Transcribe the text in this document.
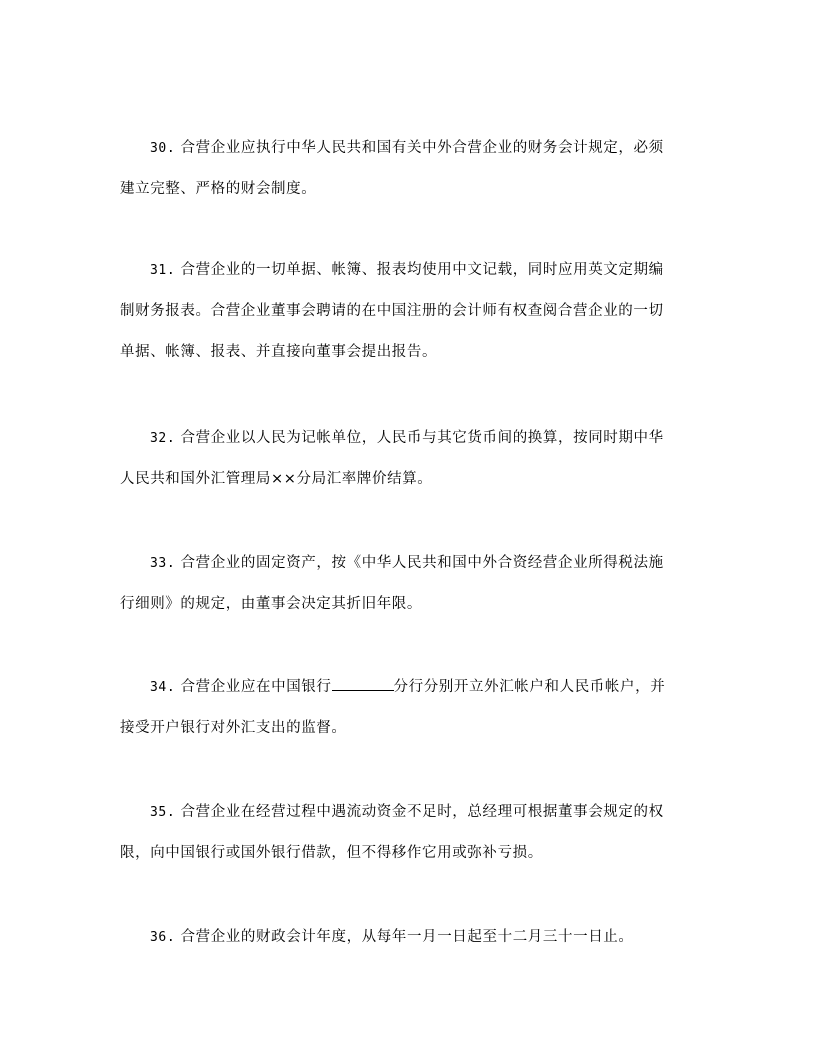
30. 合营企业应执行中华人民共和国有关中外合营企业的财务会计规定，必须
建立完整、严格的财会制度。
31. 合营企业的一切单据、帐簿、报表均使用中文记载，同时应用英文定期编
制财务报表。合营企业董事会聘请的在中国注册的会计师有权查阅合营企业的一切
单据、帐簿、报表、并直接向董事会提出报告。
32. 合营企业以人民为记帐单位，人民币与其它货币间的换算，按同时期中华
人民共和国外汇管理局××分局汇率牌价结算。
33. 合营企业的固定资产，按《中华人民共和国中外合资经营企业所得税法施
行细则》的规定，由董事会决定其折旧年限。
34. 合营企业应在中国银行	分行分别开立外汇帐户和人民币帐户，并
接受开户银行对外汇支出的监督。
35. 合营企业在经营过程中遇流动资金不足时，总经理可根据董事会规定的权
限，向中国银行或国外银行借款，但不得移作它用或弥补亏损。
36. 合营企业的财政会计年度，从每年一月一日起至十二月三十一日止。
